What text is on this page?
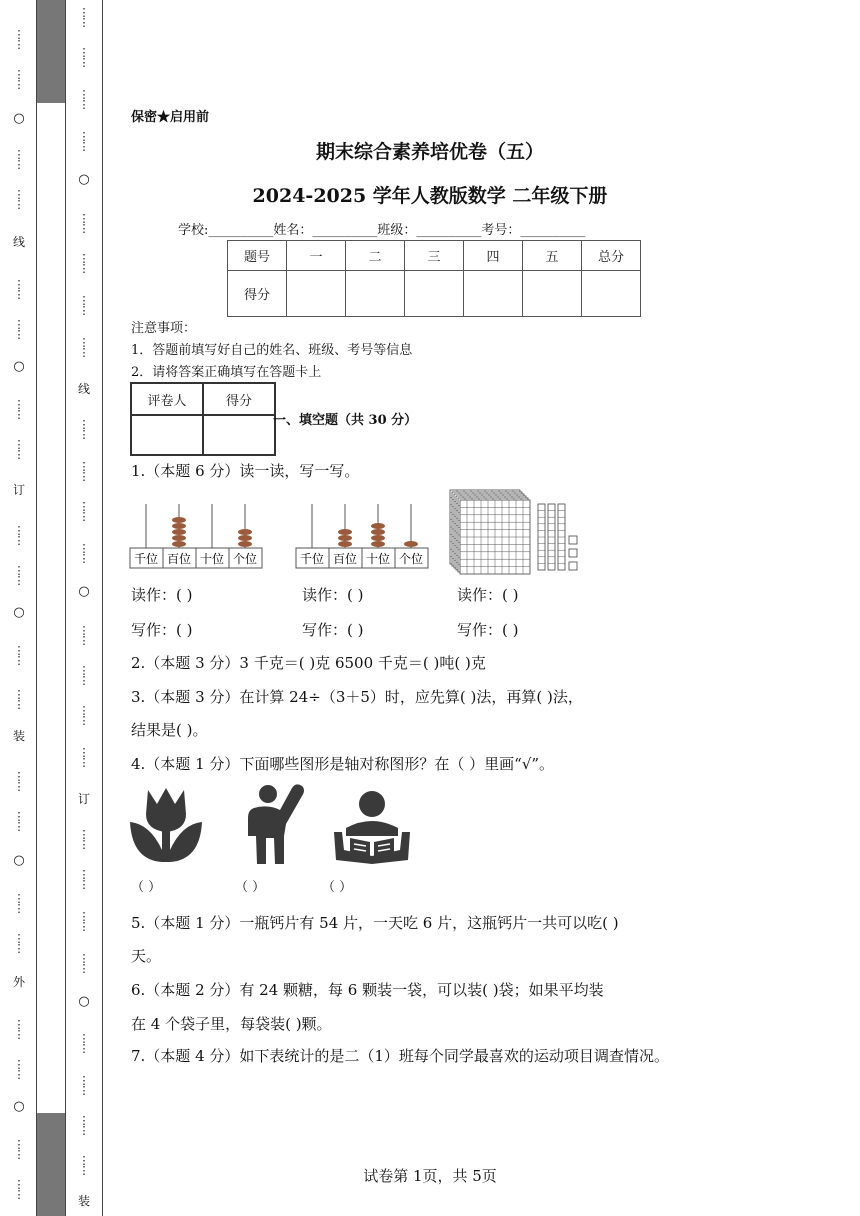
⋮
⋮
⋮
⋮
○
⋮
⋮
⋮
⋮
线
⋮
⋮
⋮
⋮
○
⋮
⋮
⋮
⋮
订
⋮
⋮
⋮
⋮
○
⋮
⋮
⋮
⋮
装
⋮
⋮
⋮
⋮
○
⋮
⋮
⋮
⋮
外
⋮
⋮
⋮
⋮
○
⋮
⋮
⋮
⋮
⋮
⋮
⋮
⋮
⋮
⋮
⋮
⋮
○
⋮
⋮
⋮
⋮
⋮
⋮
⋮
⋮
线
⋮
⋮
⋮
⋮
⋮
⋮
⋮
⋮
○
⋮
⋮
⋮
⋮
⋮
⋮
⋮
⋮
订
⋮
⋮
⋮
⋮
⋮
⋮
⋮
⋮
○
⋮
⋮
⋮
⋮
⋮
⋮
⋮
⋮
装
保密★启用前
期末综合素养培优卷（五）
2024-2025 学年人教版数学 二年级下册
学校:__________姓名：__________班级：__________考号：__________
题号	一	二	三	四	五	总分
得分						
注意事项：
1．答题前填写好自己的姓名、班级、考号等信息
2．请将答案正确填写在答题卡上
评卷人	得分

一、填空题（共 30 分）
1.（本题 6 分）读一读，写一写。
千位 百位 十位 个位	千位 百位 十位 个位
读作：( )	读作：( )	读作：( )
写作：( )	写作：( )	写作：( )
2.（本题 3 分）3 千克＝( )克 6500 千克＝( )吨( )克
3.（本题 3 分）在计算 24÷（3＋5）时，应先算( )法，再算( )法，
结果是( )。
4.（本题 1 分）下面哪些图形是轴对称图形？在（ ）里画“√”。
（ ）	（ ）	（ ）
5.（本题 1 分）一瓶钙片有 54 片，一天吃 6 片，这瓶钙片一共可以吃( )
天。
6.（本题 2 分）有 24 颗糖，每 6 颗装一袋，可以装( )袋；如果平均装
在 4 个袋子里，每袋装( )颗。
7.（本题 4 分）如下表统计的是二（1）班每个同学最喜欢的运动项目调查情况。
试卷第 1页，共 5页
